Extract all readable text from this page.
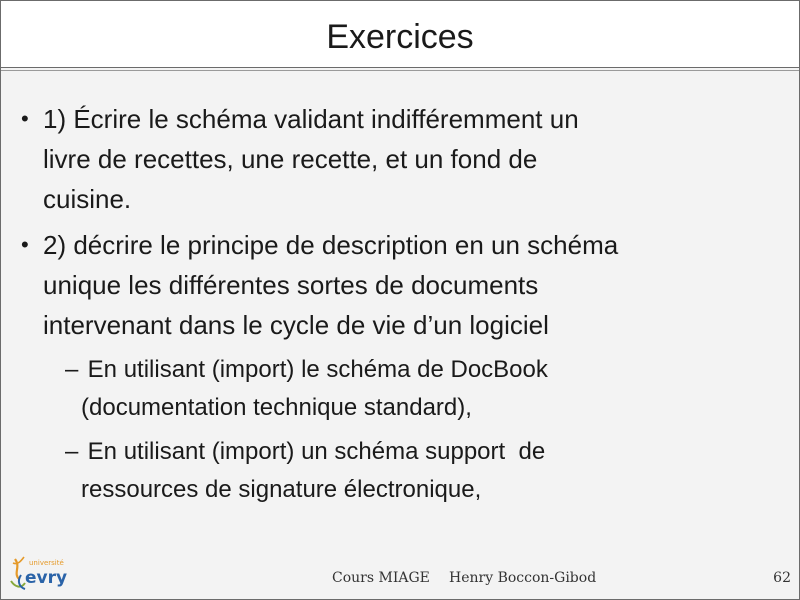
Exercices
• 1) Écrire le schéma validant indifféremment un
livre de recettes, une recette, et un fond de
cuisine.
• 2) décrire le principe de description en un schéma
unique les différentes sortes de documents
intervenant dans le cycle de vie d’un logiciel
– En utilisant (import) le schéma de DocBook
(documentation technique standard),
– En utilisant (import) un schéma support  de
ressources de signature électronique,
université
evry	Cours MIAGE Henry Boccon-Gibod	62
